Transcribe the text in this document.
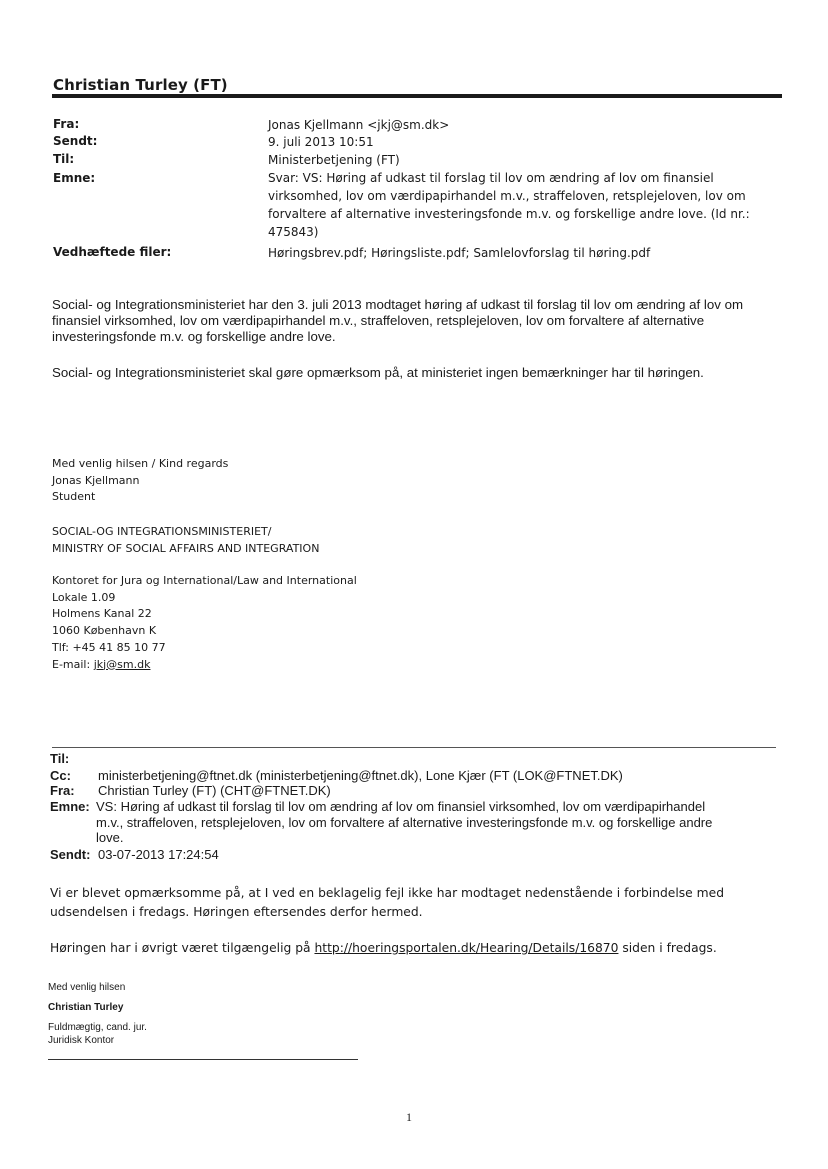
Christian Turley (FT)
Fra:	Jonas Kjellmann <jkj@sm.dk>
Sendt:	9. juli 2013 10:51
Til:	Ministerbetjening (FT)
Emne:	Svar: VS: Høring af udkast til forslag til lov om ændring af lov om finansiel
virksomhed, lov om værdipapirhandel m.v., straffeloven, retsplejeloven, lov om
forvaltere af alternative investeringsfonde m.v. og forskellige andre love. (Id nr.:
475843)
Vedhæftede filer:	Høringsbrev.pdf; Høringsliste.pdf; Samlelovforslag til høring.pdf
Social- og Integrationsministeriet har den 3. juli 2013 modtaget høring af udkast til forslag til lov om ændring af lov om
finansiel virksomhed, lov om værdipapirhandel m.v., straffeloven, retsplejeloven, lov om forvaltere af alternative
investeringsfonde m.v. og forskellige andre love.
Social- og Integrationsministeriet skal gøre opmærksom på, at ministeriet ingen bemærkninger har til høringen.
Med venlig hilsen / Kind regards
Jonas Kjellmann
Student
SOCIAL-OG INTEGRATIONSMINISTERIET/
MINISTRY OF SOCIAL AFFAIRS AND INTEGRATION
Kontoret for Jura og International/Law and International
Lokale 1.09
Holmens Kanal 22
1060 København K
Tlf: +45 41 85 10 77
E-mail: jkj@sm.dk
Til:
Cc: ministerbetjening@ftnet.dk (ministerbetjening@ftnet.dk), Lone Kjær (FT (LOK@FTNET.DK)
Fra: Christian Turley (FT) (CHT@FTNET.DK)
Emne: VS: Høring af udkast til forslag til lov om ændring af lov om finansiel virksomhed, lov om værdipapirhandel
m.v., straffeloven, retsplejeloven, lov om forvaltere af alternative investeringsfonde m.v. og forskellige andre
love.
Sendt: 03-07-2013 17:24:54
Vi er blevet opmærksomme på, at I ved en beklagelig fejl ikke har modtaget nedenstående i forbindelse med
udsendelsen i fredags. Høringen eftersendes derfor hermed.
Høringen har i øvrigt været tilgængelig på http://hoeringsportalen.dk/Hearing/Details/16870 siden i fredags.
Med venlig hilsen
Christian Turley
Fuldmægtig, cand. jur.
Juridisk Kontor
1
